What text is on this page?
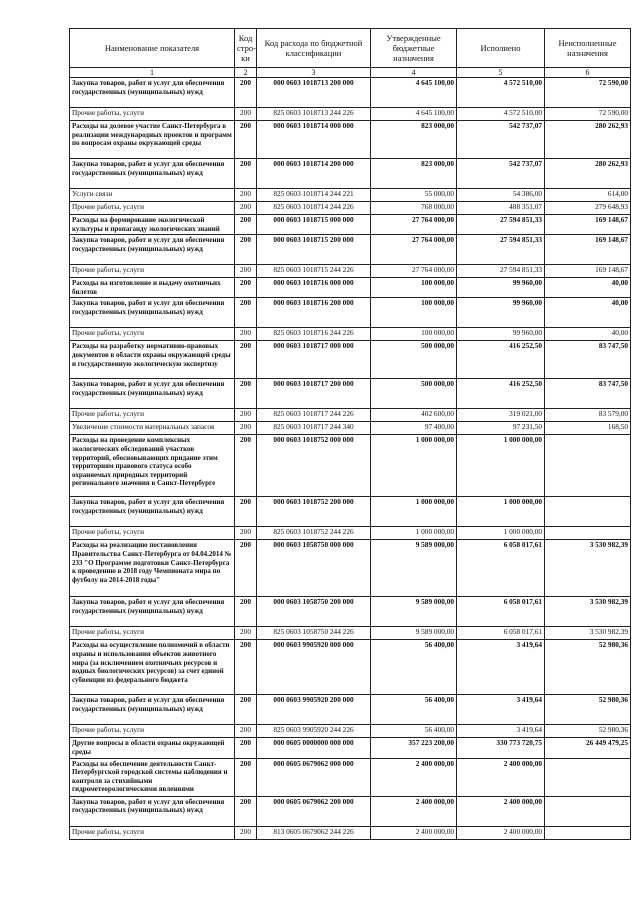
Наименование показателя	Код стро-ки	Код расхода по бюджетной классификации	Утвержденные бюджетные назначения	Исполнено	Неисполненные назначения
1	2	3	4	5	6
Закупка товаров, работ и услуг для обеспечения государственных (муниципальных) нужд	200	000 0603 1018713 200 000	4 645 100,00	4 572 510,00	72 590,00
Прочие работы, услуги	200	825 0603 1018713 244 226	4 645 100,00	4 572 510,00	72 590,00
Расходы на долевое участие Санкт-Петербурга в реализации международных проектов и программ по вопросам охраны окружающей среды	200	000 0603 1018714 000 000	823 000,00	542 737,07	280 262,93
Закупка товаров, работ и услуг для обеспечения государственных (муниципальных) нужд	200	000 0603 1018714 200 000	823 000,00	542 737,07	280 262,93
Услуги связи	200	825 0603 1018714 244 221	55 000,00	54 386,00	614,00
Прочие работы, услуги	200	825 0603 1018714 244 226	768 000,00	488 351,07	279 648,93
Расходы на формирование экологической культуры и пропаганду экологических знаний	200	000 0603 1018715 000 000	27 764 000,00	27 594 851,33	169 148,67
Закупка товаров, работ и услуг для обеспечения государственных (муниципальных) нужд	200	000 0603 1018715 200 000	27 764 000,00	27 594 851,33	169 148,67
Прочие работы, услуги	200	825 0603 1018715 244 226	27 764 000,00	27 594 851,33	169 148,67
Расходы на изготовление и выдачу охотничьих билетов	200	000 0603 1018716 000 000	100 000,00	99 960,00	40,00
Закупка товаров, работ и услуг для обеспечения государственных (муниципальных) нужд	200	000 0603 1018716 200 000	100 000,00	99 960,00	40,00
Прочие работы, услуги	200	825 0603 1018716 244 226	100 000,00	99 960,00	40,00
Расходы на разработку нормативно-правовых документов в области охраны окружающей среды и государственную экологическую экспертизу	200	000 0603 1018717 000 000	500 000,00	416 252,50	83 747,50
Закупка товаров, работ и услуг для обеспечения государственных (муниципальных) нужд	200	000 0603 1018717 200 000	500 000,00	416 252,50	83 747,50
Прочие работы, услуги	200	825 0603 1018717 244 226	402 600,00	319 021,00	83 579,00
Увеличение стоимости материальных запасов	200	825 0603 1018717 244 340	97 400,00	97 231,50	168,50
Расходы на проведение комплексных экологических обследований участков территорий, обосновывающих придание этим территориям правового статуса особо охраняемых природных территорий регионального значения в Санкт-Петербурге	200	000 0603 1018752 000 000	1 000 000,00	1 000 000,00	
Закупка товаров, работ и услуг для обеспечения государственных (муниципальных) нужд	200	000 0603 1018752 200 000	1 000 000,00	1 000 000,00	
Прочие работы, услуги	200	825 0603 1018752 244 226	1 000 000,00	1 000 000,00	
Расходы на реализацию постановления Правительства Санкт-Петербурга от 04.04.2014 № 233 "О Программе подготовки Санкт-Петербурга к проведению в 2018 году Чемпионата мира по футболу на 2014-2018 годы"	200	000 0603 1058750 000 000	9 589 000,00	6 058 017,61	3 530 982,39
Закупка товаров, работ и услуг для обеспечения государственных (муниципальных) нужд	200	000 0603 1058750 200 000	9 589 000,00	6 058 017,61	3 530 982,39
Прочие работы, услуги	200	825 0603 1058750 244 226	9 589 000,00	6 058 017,61	3 530 982,39
Расходы на осуществление полномочий в области охраны и использования объектов животного мира (за исключением охотничьих ресурсов и водных биологических ресурсов) за счет единой субвенции из федерального бюджета	200	000 0603 9905920 000 000	56 400,00	3 419,64	52 980,36
Закупка товаров, работ и услуг для обеспечения государственных (муниципальных) нужд	200	000 0603 9905920 200 000	56 400,00	3 419,64	52 980,36
Прочие работы, услуги	200	825 0603 9905920 244 226	56 400,00	3 419,64	52 980,36
Другие вопросы в области охраны окружающей среды	200	000 0605 0000000 000 000	357 223 200,00	330 773 720,75	26 449 479,25
Расходы на обеспечение деятельности Санкт-Петербургской городской системы наблюдения и контроля за стихийными гидрометеорологическими явлениями	200	000 0605 0679062 000 000	2 400 000,00	2 400 000,00	
Закупка товаров, работ и услуг для обеспечения государственных (муниципальных) нужд	200	000 0605 0679062 200 000	2 400 000,00	2 400 000,00	
Прочие работы, услуги	200	813 0605 0679062 244 226	2 400 000,00	2 400 000,00	
